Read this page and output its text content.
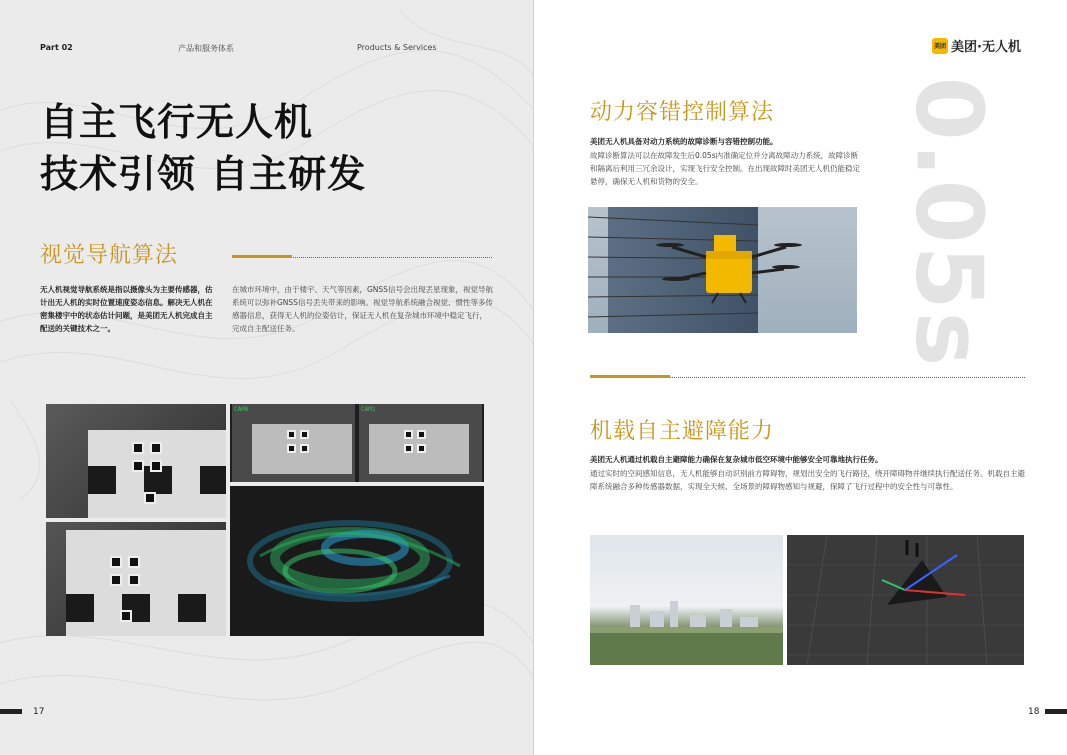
Part 02	产品和服务体系	Products & Services
自主飞行无人机
技术引领 自主研发
视觉导航算法
无人机视觉导航系统是指以摄像头为主要传感器，估计出无人机的实时位置速度姿态信息。解决无人机在密集楼宇中的状态估计问题，是美团无人机完成自主配送的关键技术之一。
在城市环境中，由于楼宇、天气等因素，GNSS信号会出现丢星现象，视觉导航系统可以弥补GNSS信号丢失带来的影响。视觉导航系统融合视觉、惯性等多传感器信息，获得无人机的位姿估计，保证无人机在复杂城市环境中稳定飞行，完成自主配送任务。
CAM0	CAM1
17
美团 美团·无人机
0.05s
动力容错控制算法
美团无人机具备对动力系统的故障诊断与容错控制功能。
故障诊断算法可以在故障发生后0.05s内准确定位并分离故障动力系统，故障诊断和隔离后利用三冗余设计，实现飞行安全控制。在出现故障时美团无人机仍能稳定悬停，确保无人机和货物的安全。
机载自主避障能力
美团无人机通过机载自主避障能力确保在复杂城市低空环境中能够安全可靠地执行任务。
通过实时的空间感知信息，无人机能够自动识别前方障碍物，规划出安全的飞行路径，绕开障碍物并继续执行配送任务。机载自主避障系统融合多种传感器数据，实现全天候、全场景的障碍物感知与规避，保障了飞行过程中的安全性与可靠性。
18
